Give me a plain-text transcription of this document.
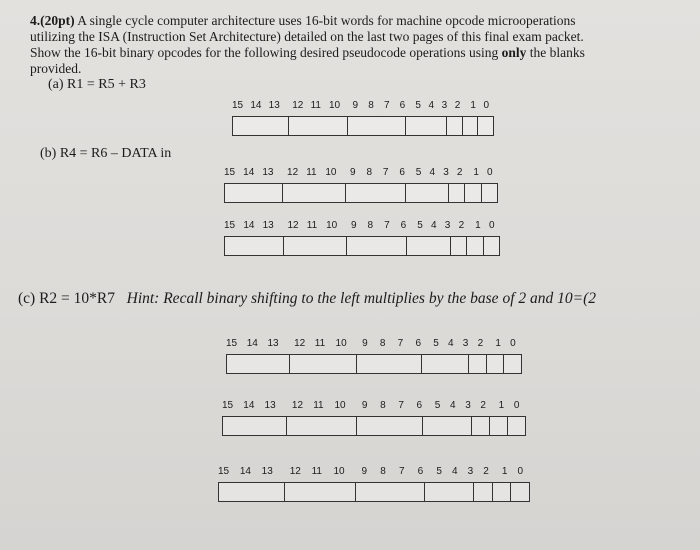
4.(20pt) A single cycle computer architecture uses 16-bit words for machine opcode microoperations
utilizing the ISA (Instruction Set Architecture) detailed on the last two pages of this final exam packet.
Show the 16-bit binary opcodes for the following desired pseudocode operations using only the blanks
provided.
(a) R1 = R5 + R3
(b) R4 = R6 – DATA in
(c) R2 = 10*R7 Hint: Recall binary shifting to the left multiplies by the base of 2 and 10=(2
15 14 13 12 11 10 9 8 7 6 5 4 3 2 1 0
15 14 13 12 11 10 9 8 7 6 5 4 3 2 1 0
15 14 13 12 11 10 9 8 7 6 5 4 3 2 1 0
15 14 13 12 11 10 9 8 7 6 5 4 3 2 1 0
15 14 13 12 11 10 9 8 7 6 5 4 3 2 1 0
15 14 13 12 11 10 9 8 7 6 5 4 3 2 1 0
